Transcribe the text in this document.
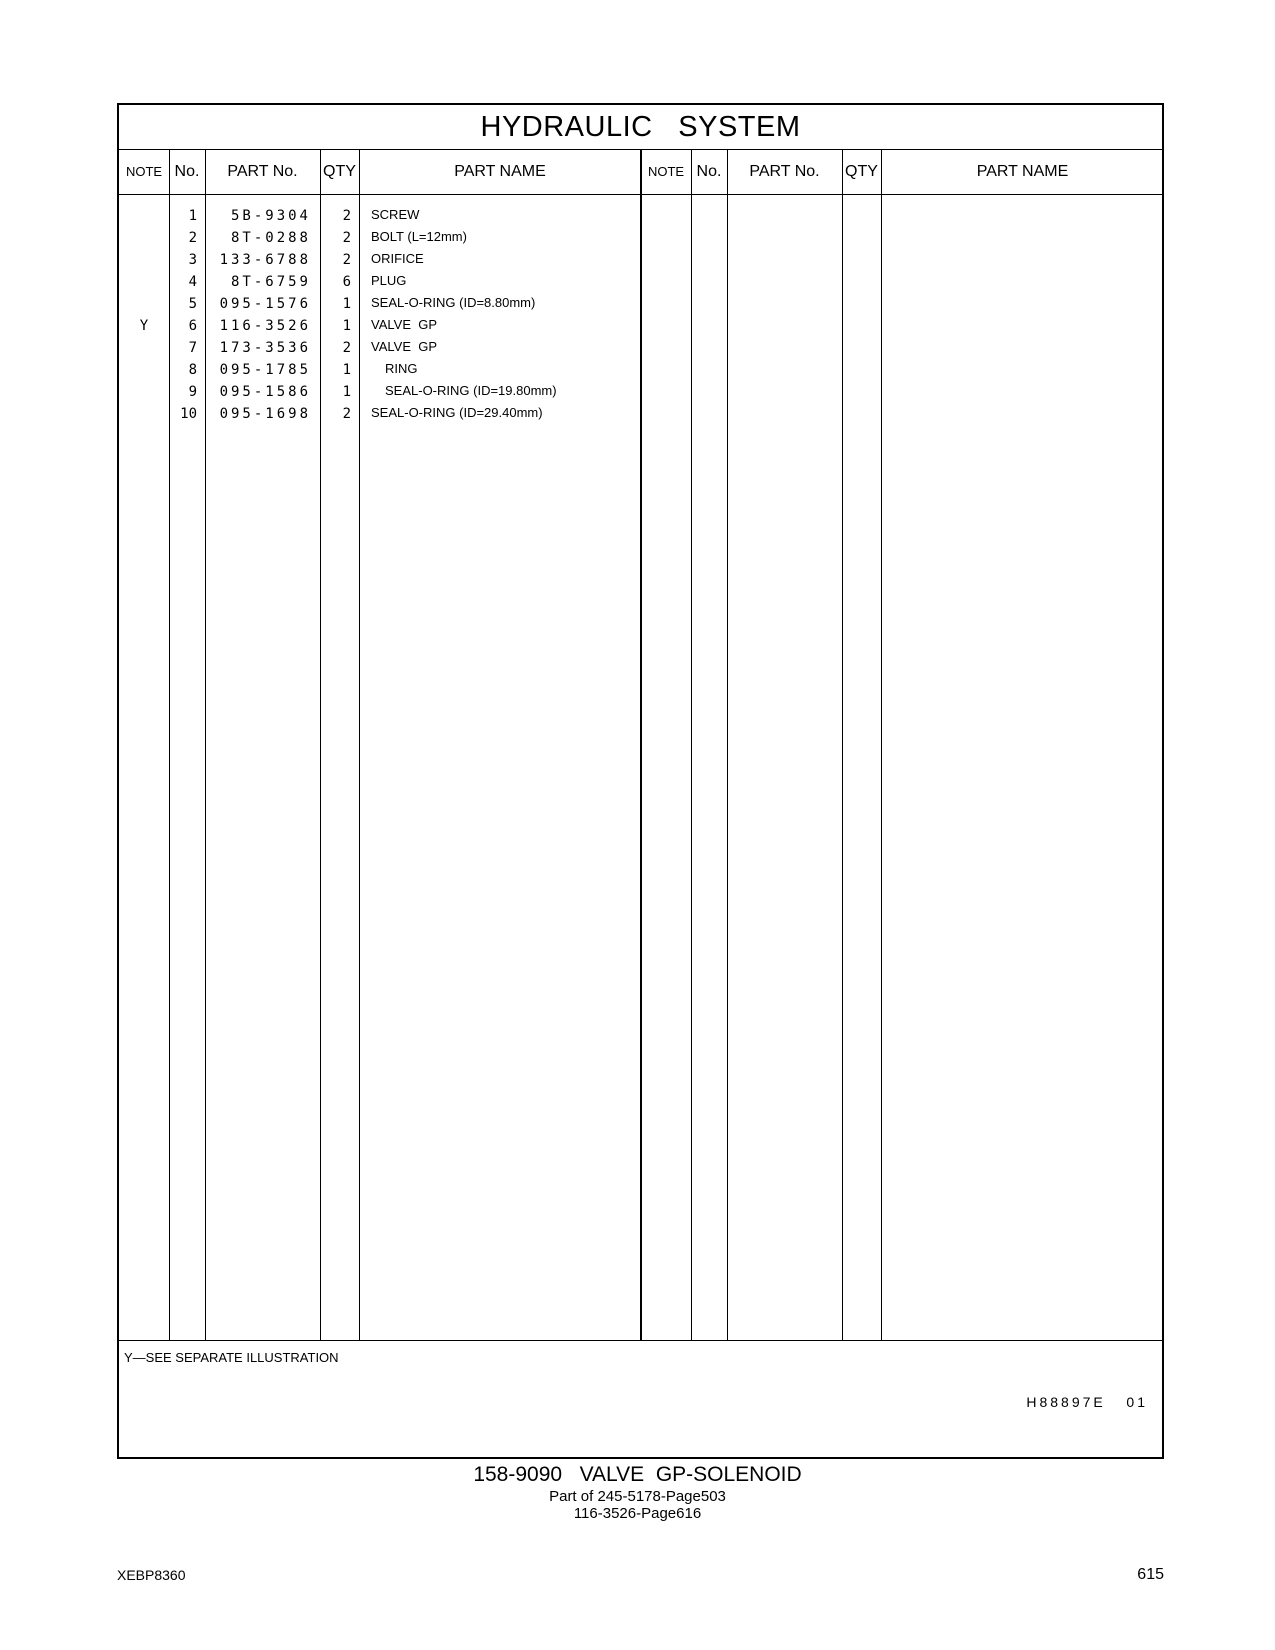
HYDRAULIC   SYSTEM
NOTE No.	PART No.	QTY	PART NAME	NOTE No.	PART No.	QTY	PART NAME
1	5B-9304	2 SCREW
2	8T-0288	2 BOLT (L=12mm)
3	133-6788	2 ORIFICE
4	8T-6759	6 PLUG
5	095-1576	1 SEAL-O-RING (ID=8.80mm)
Y	6	116-3526	1 VALVE  GP
7	173-3536	2 VALVE  GP
8	095-1785	1	RING
9	095-1586	1	SEAL-O-RING (ID=19.80mm)
10	095-1698	2 SEAL-O-RING (ID=29.40mm)
Y—SEE SEPARATE ILLUSTRATION
H88897E   01
158-9090   VALVE  GP-SOLENOID
Part of 245-5178-Page503
116-3526-Page616
XEBP8360	615
